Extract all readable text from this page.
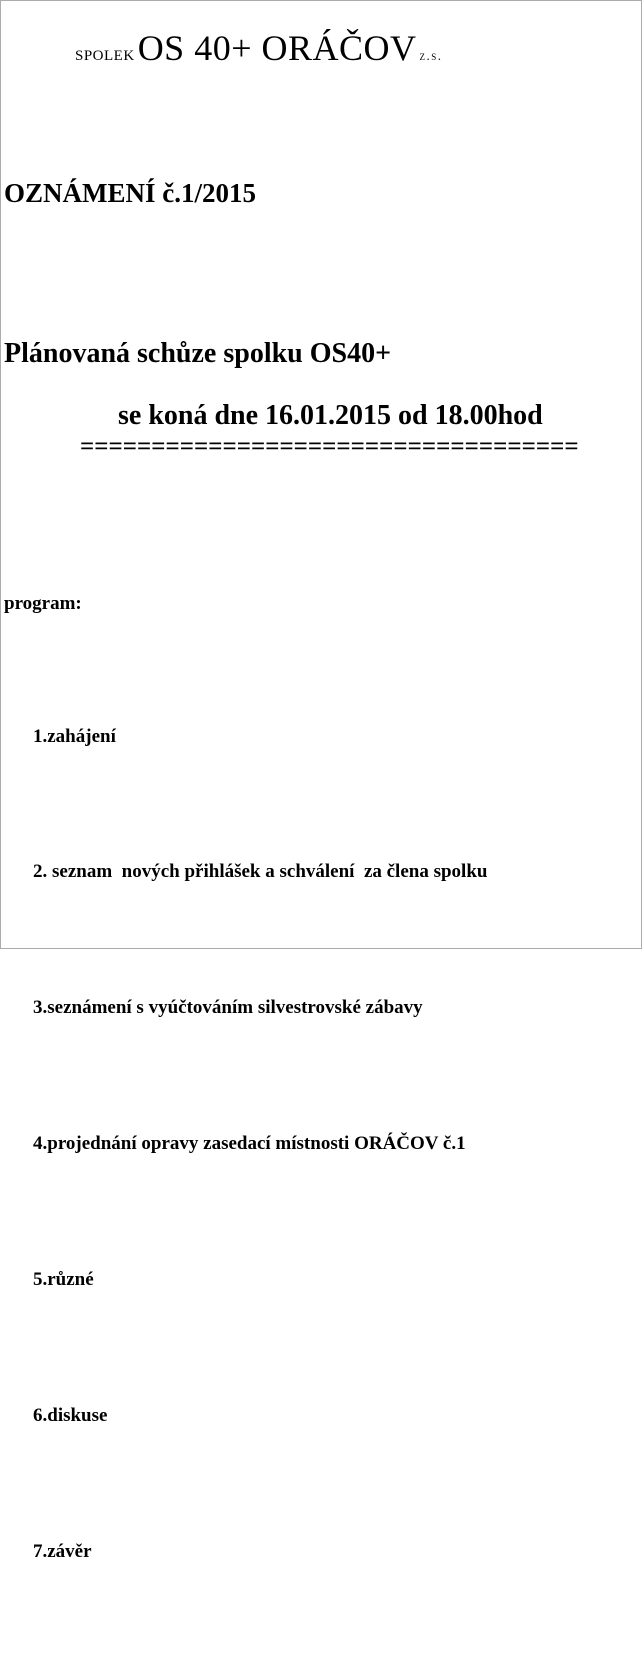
SPOLEKOS 40+ ORÁČOV z.s.

OZNÁMENÍ č.1/2015
Plánovaná schůze spolku OS40+
se koná dne 16.01.2015 od 18.00hod
===================================
program:

1.zahájení

2. seznam  nových přihlášek a schválení  za člena spolku

3.seznámení s vyúčtováním silvestrovské zábavy

4.projednání opravy zasedací místnosti ORÁČOV č.1

5.různé

6.diskuse

7.závěr
